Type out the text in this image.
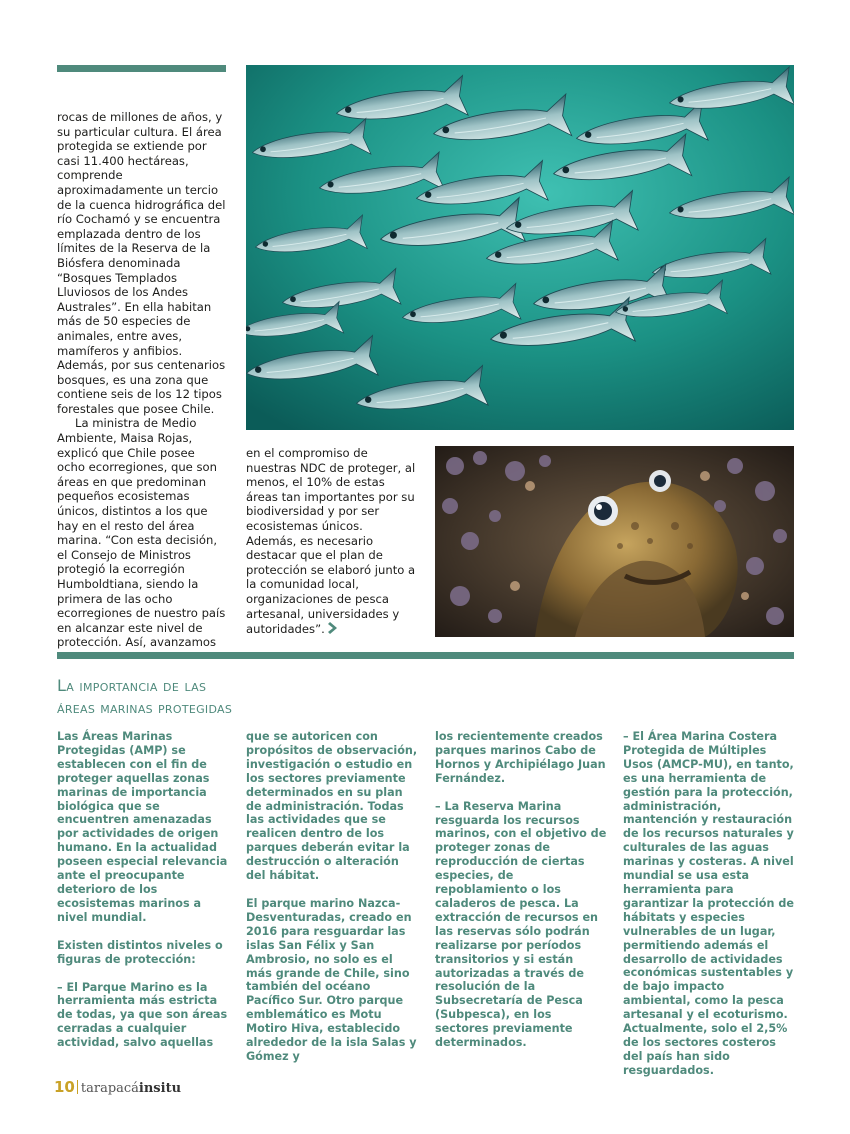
rocas de millones de años, y su particular cultura. El área protegida se extiende por casi 11.400 hectáreas, comprende aproximadamente un tercio de la cuenca hidrográfica del río Cochamó y se encuentra emplazada dentro de los límites de la Reserva de la Biósfera denominada “Bosques Templados Lluviosos de los Andes Australes”. En ella habitan más de 50 especies de animales, entre aves, mamíferos y anfibios. Además, por sus centenarios bosques, es una zona que contiene seis de los 12 tipos forestales que posee Chile.

La ministra de Medio Ambiente, Maisa Rojas, explicó que Chile posee ocho ecorregiones, que son áreas en que predominan pequeños ecosistemas únicos, distintos a los que hay en el resto del área marina. “Con esta decisión, el Consejo de Ministros protegió la ecorregión Humboldtiana, siendo la primera de las ocho ecorregiones de nuestro país en alcanzar este nivel de protección. Así, avanzamos

en el compromiso de nuestras NDC de proteger, al menos, el 10% de estas áreas tan importantes por su biodiversidad y por ser ecosistemas únicos. Además, es necesario destacar que el plan de protección se elaboró junto a la comunidad local, organizaciones de pesca artesanal, universidades y autoridades”.

La importancia de las
áreas marinas protegidas

Las Áreas Marinas Protegidas (AMP) se establecen con el fin de proteger aquellas zonas marinas de importancia biológica que se encuentren amenazadas por actividades de origen humano. En la actualidad poseen especial relevancia ante el preocupante deterioro de los ecosistemas marinos a nivel mundial.

Existen distintos niveles o figuras de protección:

– El Parque Marino es la herramienta más estricta de todas, ya que son áreas cerradas a cualquier actividad, salvo aquellas

que se autoricen con propósitos de observación, investigación o estudio en los sectores previamente determinados en su plan de administración. Todas las actividades que se realicen dentro de los parques deberán evitar la destrucción o alteración del hábitat.

El parque marino Nazca-Desventuradas, creado en 2016 para resguardar las islas San Félix y San Ambrosio, no solo es el más grande de Chile, sino también del océano Pacífico Sur. Otro parque emblemático es Motu Motiro Hiva, establecido alrededor de la isla Salas y Gómez y

los recientemente creados parques marinos Cabo de Hornos y Archipiélago Juan Fernández.

– La Reserva Marina resguarda los recursos marinos, con el objetivo de proteger zonas de reproducción de ciertas especies, de repoblamiento o los caladeros de pesca. La extracción de recursos en las reservas sólo podrán realizarse por períodos transitorios y si están autorizadas a través de resolución de la Subsecretaría de Pesca (Subpesca), en los sectores previamente determinados.

– El Área Marina Costera Protegida de Múltiples Usos (AMCP-MU), en tanto, es una herramienta de gestión para la protección, administración, mantención y restauración de los recursos naturales y culturales de las aguas marinas y costeras. A nivel mundial se usa esta herramienta para garantizar la protección de hábitats y especies vulnerables de un lugar, permitiendo además el desarrollo de actividades económicas sustentables y de bajo impacto ambiental, como la pesca artesanal y el ecoturismo. Actualmente, solo el 2,5% de los sectores costeros del país han sido resguardados.

10 tarapacáinsitu
